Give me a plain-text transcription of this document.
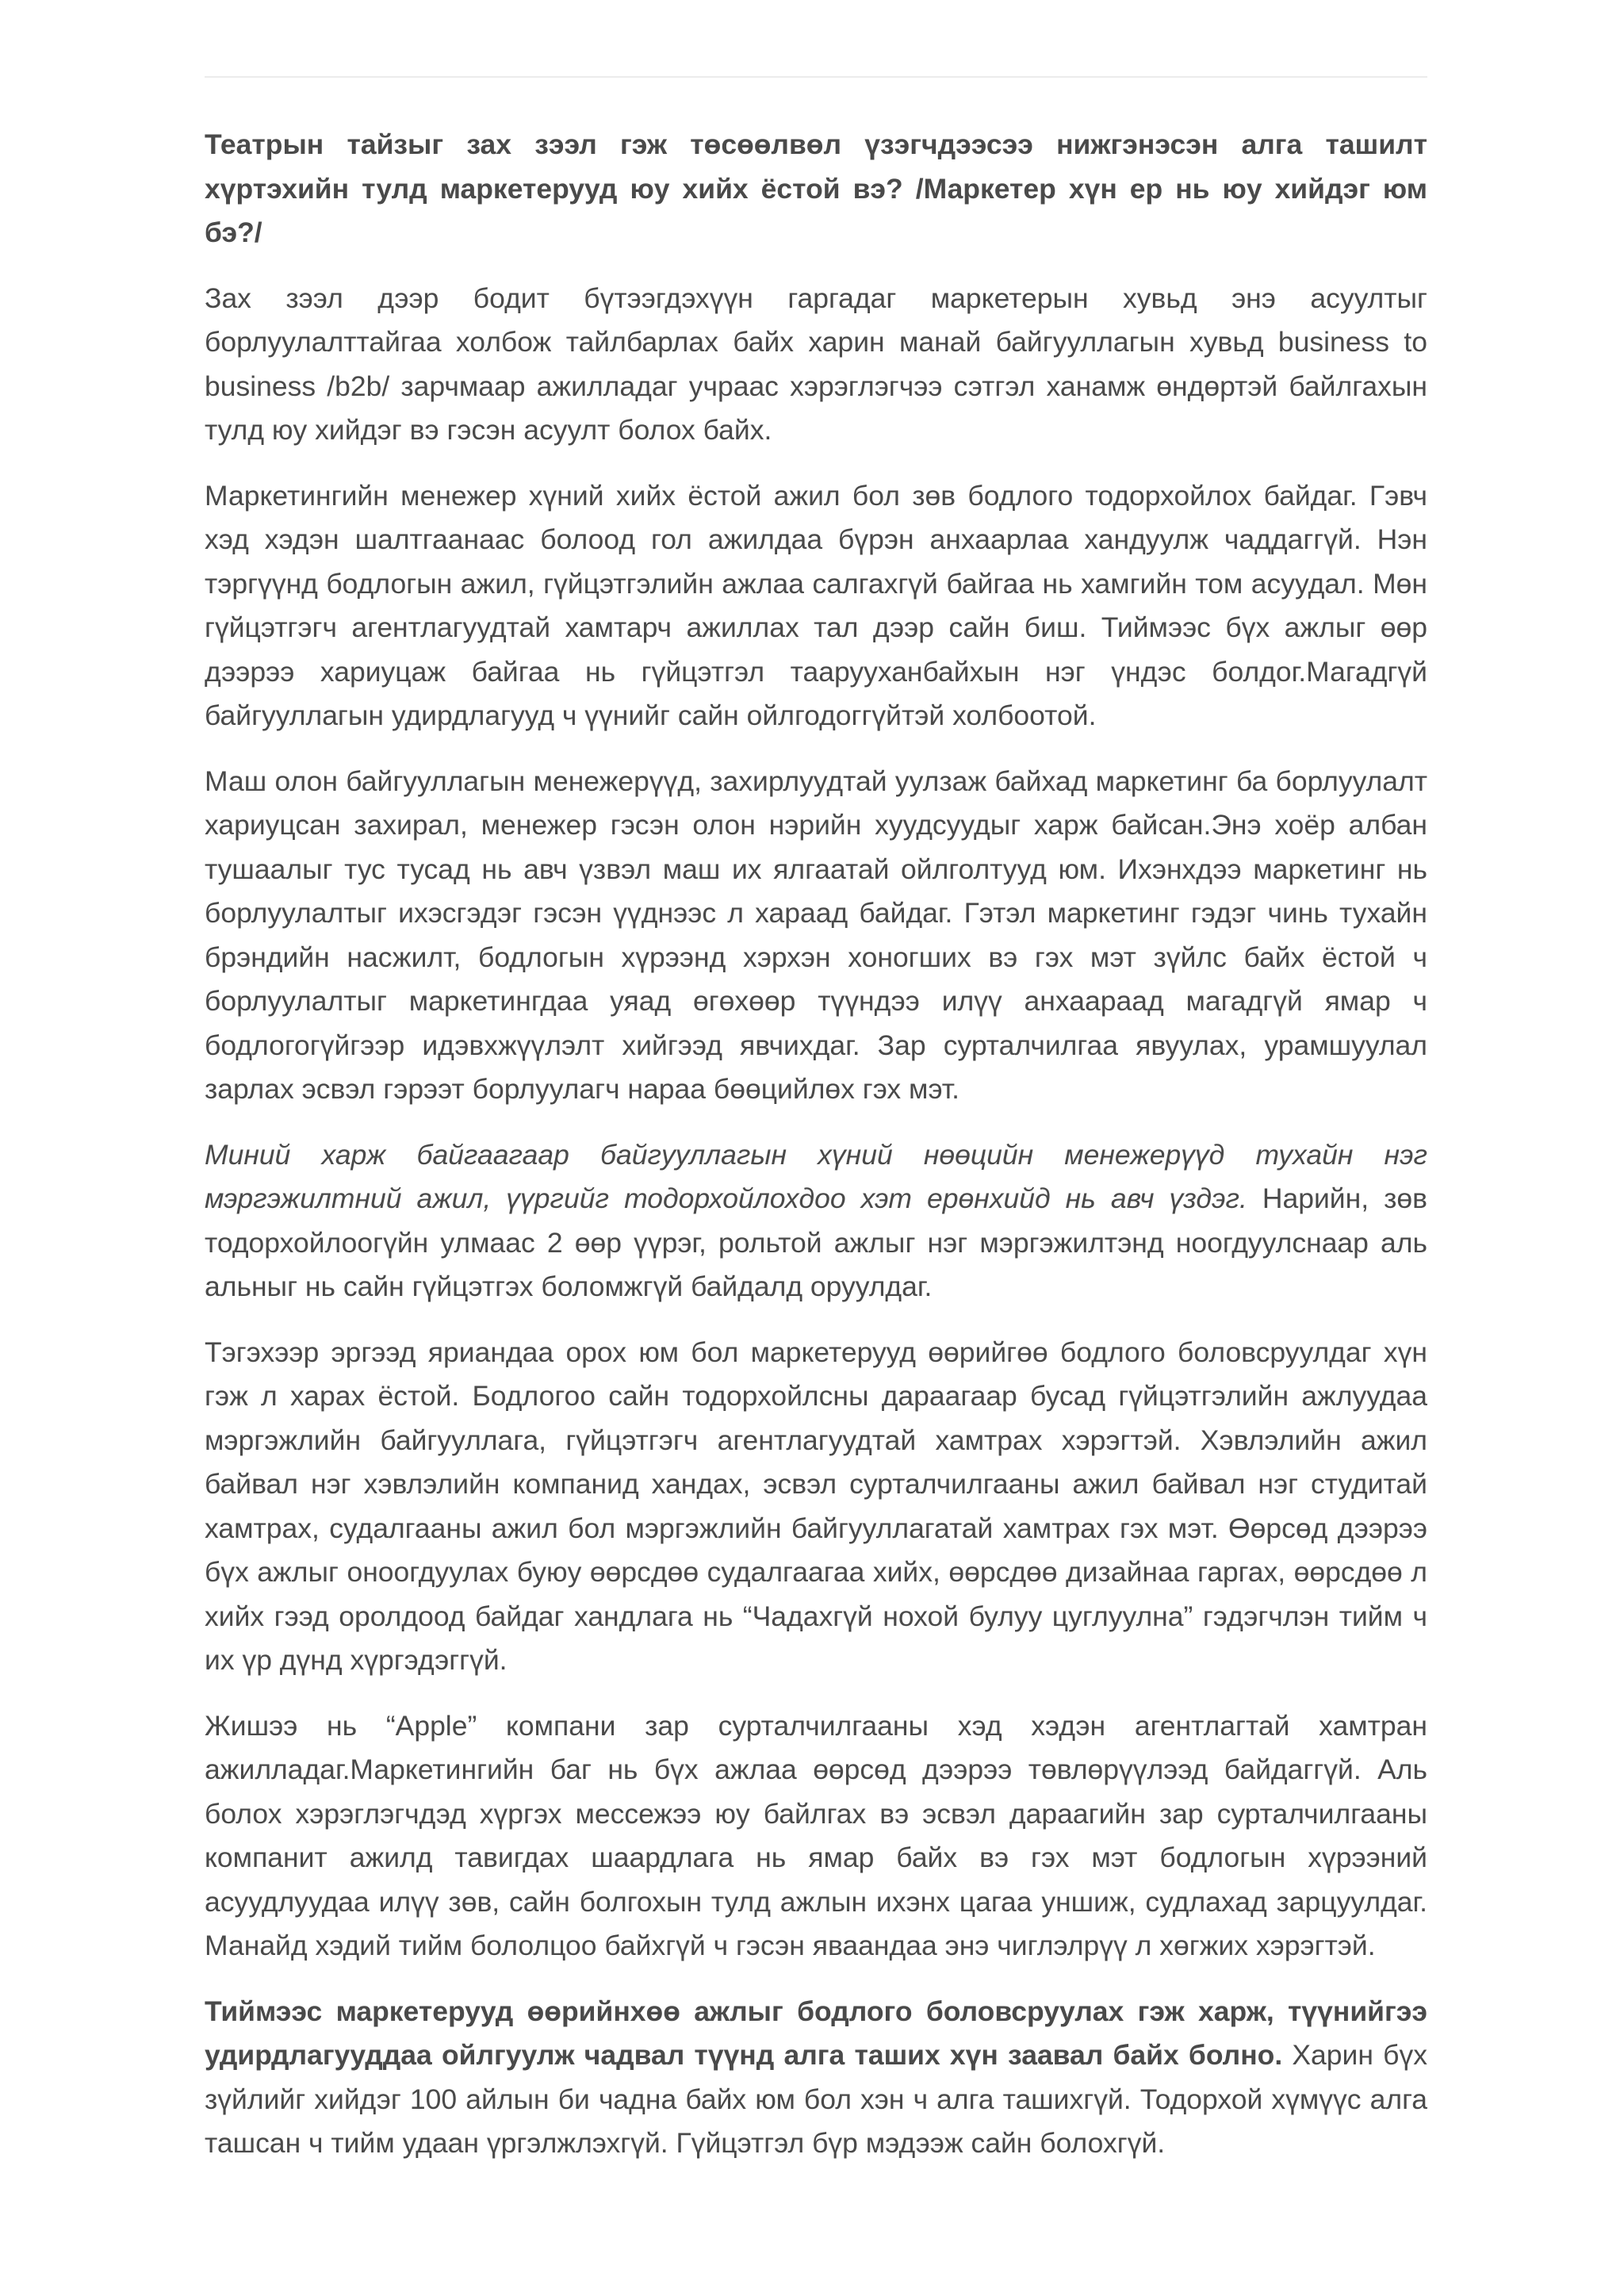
Театрын тайзыг зах зээл гэж төсөөлвөл үзэгчдээсээ нижгэнэсэн алга ташилт хүртэхийн тулд маркетерууд юу хийх ёстой вэ? /Маркетер хүн ер нь юу хийдэг юм бэ?/

Зах зээл дээр бодит бүтээгдэхүүн гаргадаг маркетерын хувьд энэ асуултыг борлуулалттайгаа холбож тайлбарлах байх харин манай байгууллагын хувьд business to business /b2b/ зарчмаар ажилладаг учраас хэрэглэгчээ сэтгэл ханамж өндөртэй байлгахын тулд юу хийдэг вэ гэсэн асуулт болох байх.

Маркетингийн менежер хүний хийх ёстой ажил бол зөв бодлого тодорхойлох байдаг. Гэвч хэд хэдэн шалтгаанаас болоод гол ажилдаа бүрэн анхаарлаа хандуулж чаддаггүй. Нэн тэргүүнд бодлогын ажил, гүйцэтгэлийн ажлаа салгахгүй байгаа нь хамгийн том асуудал. Мөн гүйцэтгэгч агентлагуудтай хамтарч ажиллах тал дээр сайн биш. Тиймээс бүх ажлыг өөр дээрээ хариуцаж байгаа нь гүйцэтгэл таарууханбайхын нэг үндэс болдог.Магадгүй байгууллагын удирдлагууд ч үүнийг сайн ойлгодоггүйтэй холбоотой.

Маш олон байгууллагын менежерүүд, захирлуудтай уулзаж байхад маркетинг ба борлуулалт хариуцсан захирал, менежер гэсэн олон нэрийн хуудсуудыг харж байсан.Энэ хоёр албан тушаалыг тус тусад нь авч үзвэл маш их ялгаатай ойлголтууд юм. Ихэнхдээ маркетинг нь борлуулалтыг ихэсгэдэг гэсэн үүднээс л хараад байдаг. Гэтэл маркетинг гэдэг чинь тухайн брэндийн насжилт, бодлогын хүрээнд хэрхэн хоногших вэ гэх мэт зүйлс байх ёстой ч борлуулалтыг маркетингдаа уяад өгөхөөр түүндээ илүү анхаараад магадгүй ямар ч бодлогогүйгээр идэвхжүүлэлт хийгээд явчихдаг. Зар сурталчилгаа явуулах, урамшуулал зарлах эсвэл гэрээт борлуулагч нараа бөөцийлөх гэх мэт.

Миний харж байгаагаар байгууллагын хүний нөөцийн менежерүүд тухайн нэг мэргэжилтний ажил, үүргийг тодорхойлохдоо хэт ерөнхийд нь авч үздэг. Нарийн, зөв тодорхойлоогүйн улмаас 2 өөр үүрэг, рольтой ажлыг нэг мэргэжилтэнд ноогдуулснаар аль альныг нь сайн гүйцэтгэх боломжгүй байдалд оруулдаг.

Тэгэхээр эргээд яриандаа орох юм бол маркетерууд өөрийгөө бодлого боловсруулдаг хүн гэж л харах ёстой. Бодлогоо сайн тодорхойлсны дараагаар бусад гүйцэтгэлийн ажлуудаа мэргэжлийн байгууллага, гүйцэтгэгч агентлагуудтай хамтрах хэрэгтэй. Хэвлэлийн ажил байвал нэг хэвлэлийн компанид хандах, эсвэл сурталчилгааны ажил байвал нэг студитай хамтрах, судалгааны ажил бол мэргэжлийн байгууллагатай хамтрах гэх мэт. Өөрсөд дээрээ бүх ажлыг оноогдуулах буюу өөрсдөө судалгаагаа хийх, өөрсдөө дизайнаа гаргах, өөрсдөө л хийх гээд оролдоод байдаг хандлага нь “Чадахгүй нохой булуу цуглуулна” гэдэгчлэн тийм ч их үр дүнд хүргэдэггүй.

Жишээ нь “Apple” компани зар сурталчилгааны хэд хэдэн агентлагтай хамтран ажилладаг.Маркетингийн баг нь бүх ажлаа өөрсөд дээрээ төвлөрүүлээд байдаггүй. Аль болох хэрэглэгчдэд хүргэх мессежээ юу байлгах вэ эсвэл дараагийн зар сурталчилгааны компанит ажилд тавигдах шаардлага нь ямар байх вэ гэх мэт бодлогын хүрээний асуудлуудаа илүү зөв, сайн болгохын тулд ажлын ихэнх цагаа уншиж, судлахад зарцуулдаг. Манайд хэдий тийм бололцоо байхгүй ч гэсэн яваандаа энэ чиглэлрүү л хөгжих хэрэгтэй.

Тиймээс маркетерууд өөрийнхөө ажлыг бодлого боловсруулах гэж харж, түүнийгээ удирдлагууддаа ойлгуулж чадвал түүнд алга таших хүн заавал байх болно. Харин бүх зүйлийг хийдэг 100 айлын би чадна байх юм бол хэн ч алга ташихгүй. Тодорхой хүмүүс алга ташсан ч тийм удаан үргэлжлэхгүй. Гүйцэтгэл бүр мэдээж сайн болохгүй.
